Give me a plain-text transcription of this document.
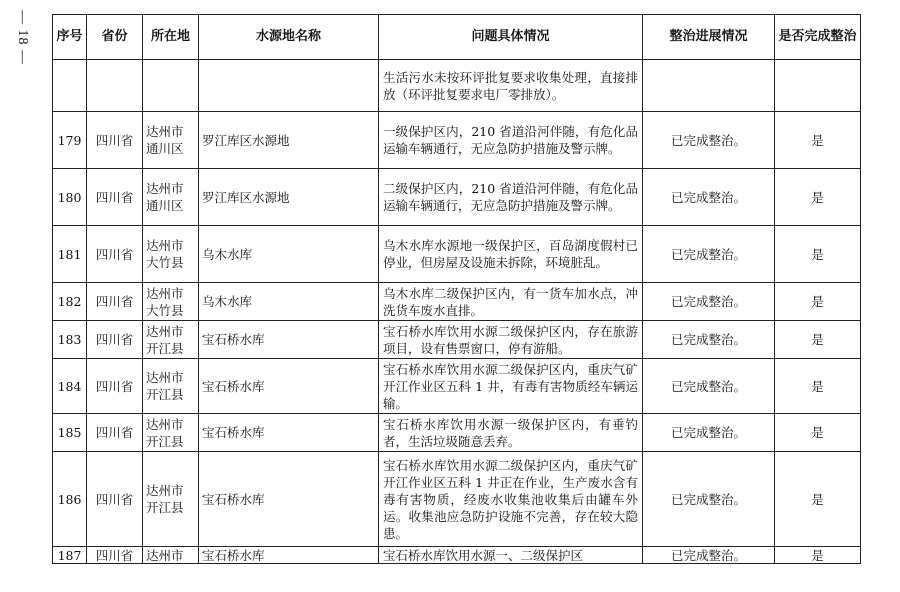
— 18 — 序号	省份	所在地	水源地名称	问题具体情况	整治进展情况	是否完成整治
				生活污水未按环评批复要求收集处理，直接排放（环评批复要求电厂零排放）。		
179	四川省	达州市通川区	罗江库区水源地	一级保护区内，210 省道沿河伴随，有危化品运输车辆通行，无应急防护措施及警示牌。	已完成整治。	是
180	四川省	达州市通川区	罗江库区水源地	二级保护区内，210 省道沿河伴随，有危化品运输车辆通行，无应急防护措施及警示牌。	已完成整治。	是
181	四川省	达州市大竹县	乌木水库	乌木水库水源地一级保护区，百岛湖度假村已停业，但房屋及设施未拆除，环境脏乱。	已完成整治。	是
182	四川省	达州市大竹县	乌木水库	乌木水库二级保护区内，有一货车加水点，冲洗货车废水直排。	已完成整治。	是
183	四川省	达州市开江县	宝石桥水库	宝石桥水库饮用水源二级保护区内，存在旅游项目，设有售票窗口，停有游船。	已完成整治。	是
184	四川省	达州市开江县	宝石桥水库	宝石桥水库饮用水源二级保护区内，重庆气矿开江作业区五科 1 井，有毒有害物质经车辆运输。	已完成整治。	是
185	四川省	达州市开江县	宝石桥水库	宝石桥水库饮用水源一级保护区内，有垂钓者，生活垃圾随意丢弃。	已完成整治。	是
186	四川省	达州市开江县	宝石桥水库	宝石桥水库饮用水源二级保护区内，重庆气矿开江作业区五科 1 井正在作业，生产废水含有毒有害物质，经废水收集池收集后由罐车外运。收集池应急防护设施不完善，存在较大隐患。	已完成整治。	是
187	四川省	达州市	宝石桥水库	宝石桥水库饮用水源一、二级保护区	已完成整治。	是
